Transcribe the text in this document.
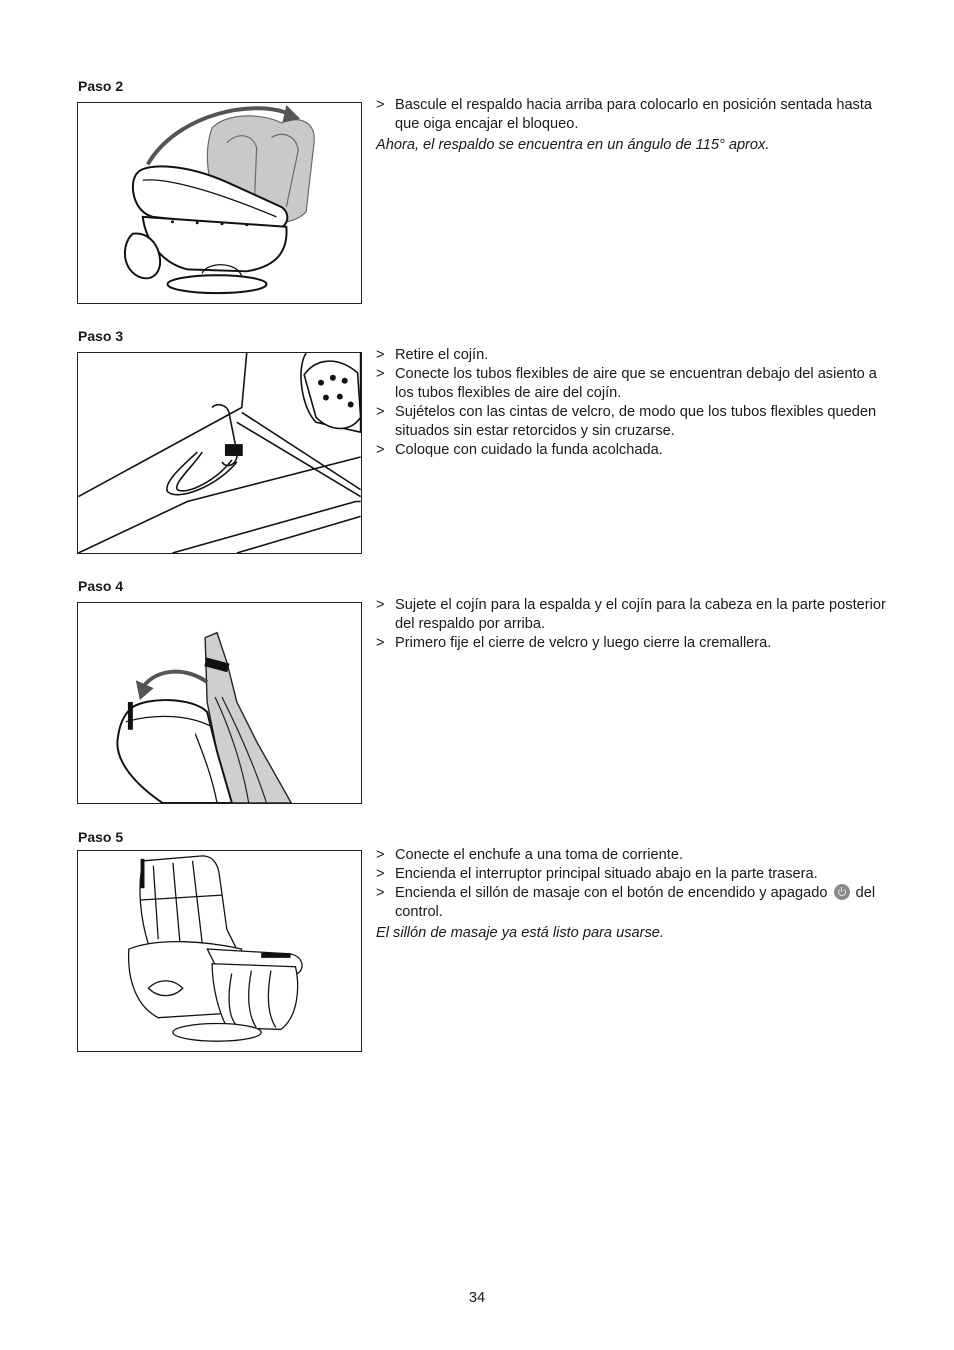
Paso 2
> Bascule el respaldo hacia arriba para colocarlo en posición sentada hasta que oiga encajar el bloqueo.
Ahora, el respaldo se encuentra en un ángulo de 115° aprox.
Paso 3
> Retire el cojín.
> Conecte los tubos flexibles de aire que se encuentran debajo del asiento a los tubos flexibles de aire del cojín.
> Sujételos con las cintas de velcro, de modo que los tubos flexibles queden situados sin estar retorcidos y sin cruzarse.
> Coloque con cuidado la funda acolchada.
Paso 4
> Sujete el cojín para la espalda y el cojín para la cabeza en la parte posterior del respaldo por arriba.
> Primero fije el cierre de velcro y luego cierre la cremallera.
Paso 5
> Conecte el enchufe a una toma de corriente.
> Encienda el interruptor principal situado abajo en la parte trasera.
> Encienda el sillón de masaje con el botón de encendido y apagado del control.
El sillón de masaje ya está listo para usarse.
34
